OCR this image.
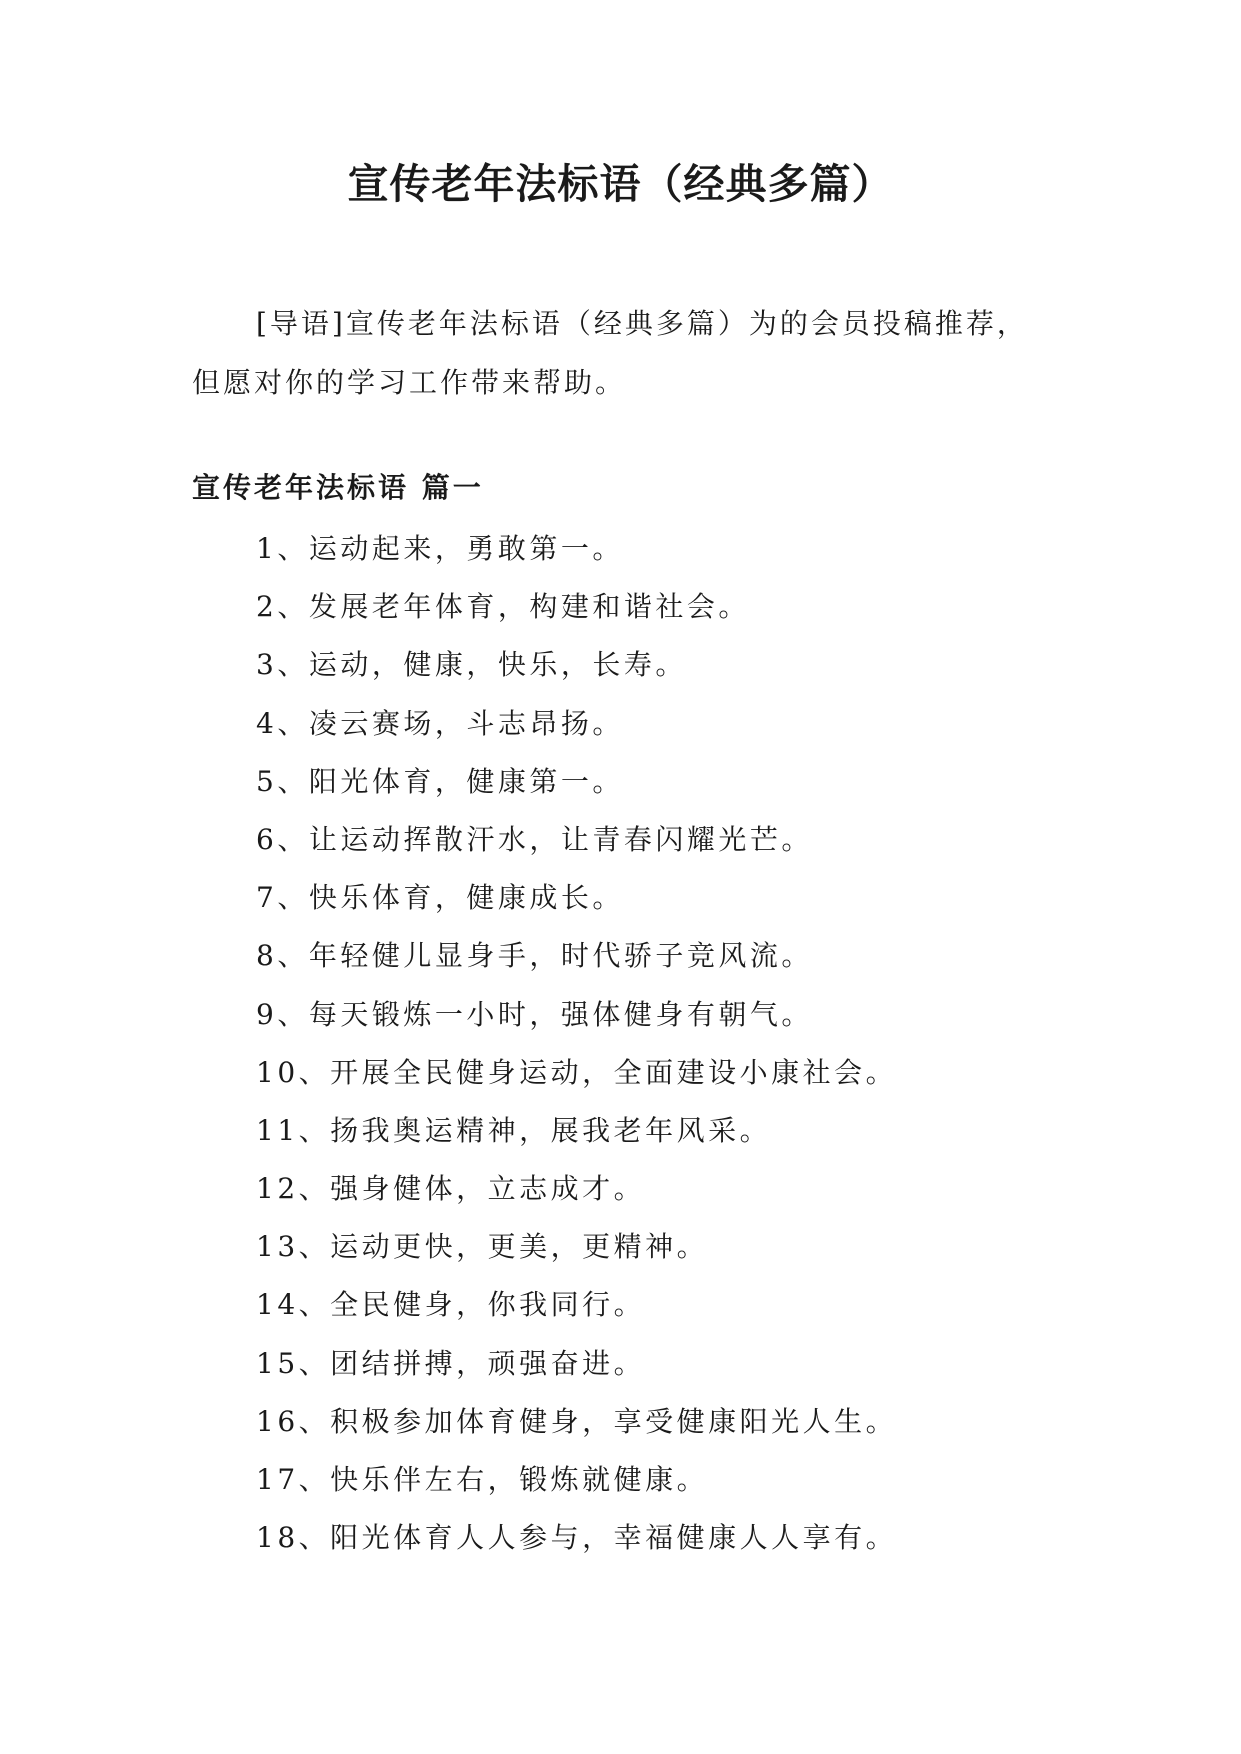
宣传老年法标语（经典多篇）

[导语]宣传老年法标语（经典多篇）为的会员投稿推荐，
但愿对你的学习工作带来帮助。

宣传老年法标语 篇一
1、运动起来，勇敢第一。
2、发展老年体育，构建和谐社会。
3、运动，健康，快乐，长寿。
4、凌云赛场，斗志昂扬。
5、阳光体育，健康第一。
6、让运动挥散汗水，让青春闪耀光芒。
7、快乐体育，健康成长。
8、年轻健儿显身手，时代骄子竞风流。
9、每天锻炼一小时，强体健身有朝气。
10、开展全民健身运动，全面建设小康社会。
11、扬我奥运精神，展我老年风采。
12、强身健体，立志成才。
13、运动更快，更美，更精神。
14、全民健身，你我同行。
15、团结拼搏，顽强奋进。
16、积极参加体育健身，享受健康阳光人生。
17、快乐伴左右，锻炼就健康。
18、阳光体育人人参与，幸福健康人人享有。
